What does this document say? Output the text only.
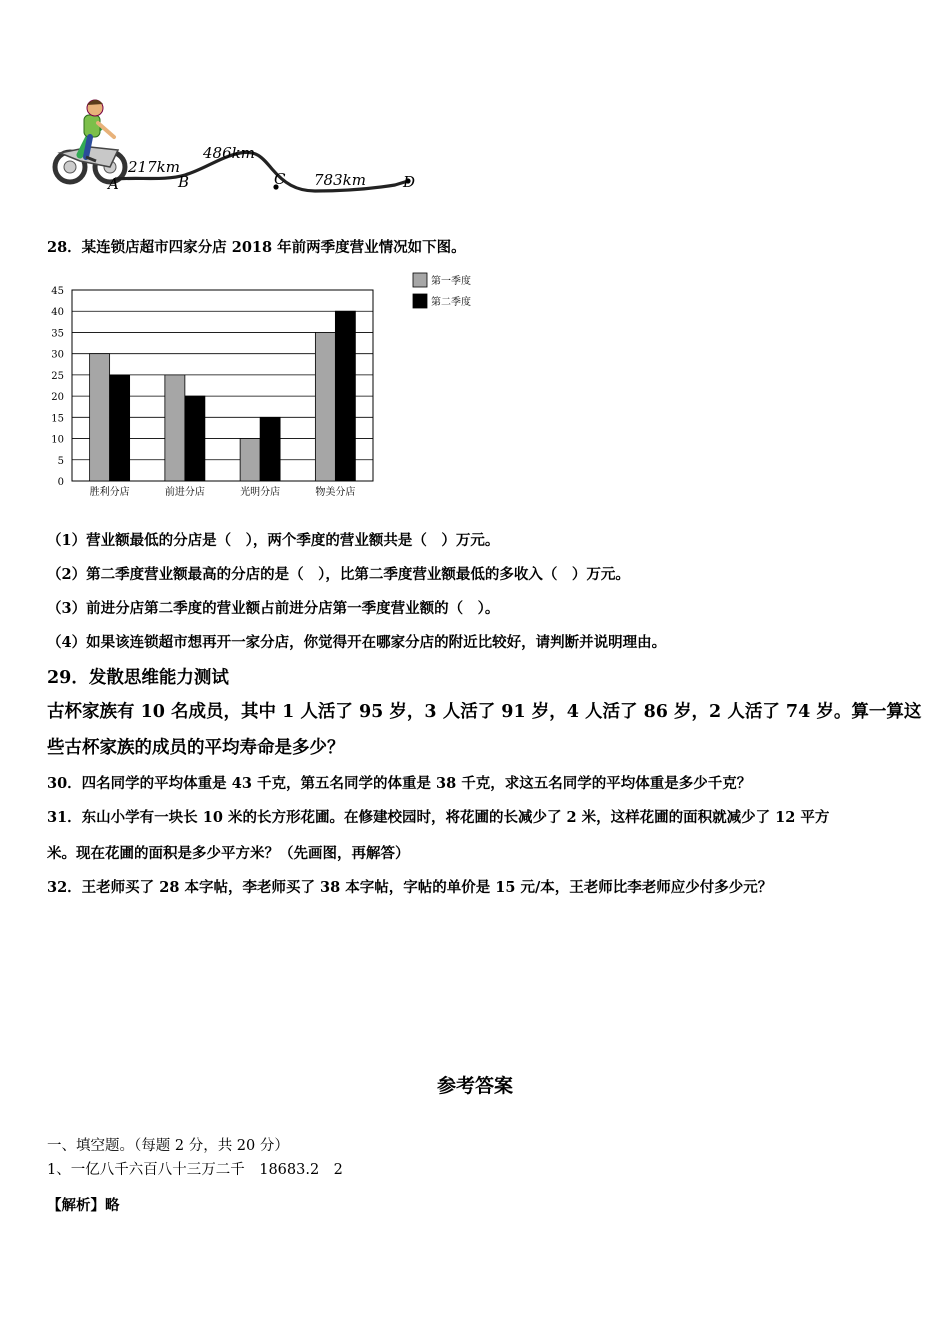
A	B	C	D
217km
486km
783km
28．某连锁店超市四家分店 2018 年前两季度营业情况如下图。
0
5
10
15
20
25
30
35
40
45
胜利分店	前进分店	光明分店	物美分店
第一季度
第二季度
（1）营业额最低的分店是（　），两个季度的营业额共是（　）万元。
（2）第二季度营业额最高的分店的是（　），比第二季度营业额最低的多收入（　）万元。
（3）前进分店第二季度的营业额占前进分店第一季度营业额的（　）。
（4）如果该连锁超市想再开一家分店，你觉得开在哪家分店的附近比较好，请判断并说明理由。
29．发散思维能力测试
古杯家族有 10 名成员，其中 1 人活了 95 岁，3 人活了 91 岁，4 人活了 86 岁，2 人活了 74 岁。算一算这
些古杯家族的成员的平均寿命是多少？
30．四名同学的平均体重是 43 千克，第五名同学的体重是 38 千克，求这五名同学的平均体重是多少千克？
31．东山小学有一块长 10 米的长方形花圃。在修建校园时，将花圃的长减少了 2 米，这样花圃的面积就减少了 12 平方
米。现在花圃的面积是多少平方米？（先画图，再解答）
32．王老师买了 28 本字帖，李老师买了 38 本字帖，字帖的单价是 15 元/本，王老师比李老师应少付多少元？
参考答案
一、填空题。（每题 2 分，共 20 分）
1、一亿八千六百八十三万二千　18683.2　2
【解析】略
